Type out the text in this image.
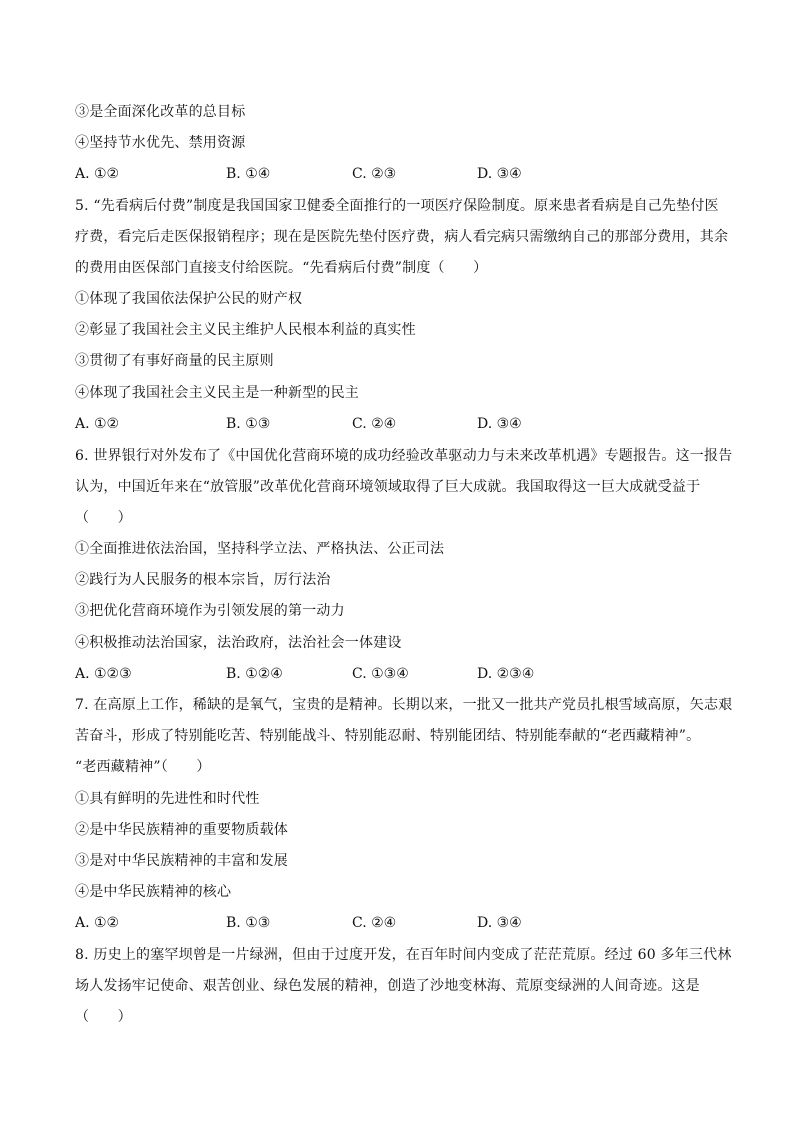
③是全面深化改革的总目标
④坚持节水优先、禁用资源
A. ①②	B. ①④	C. ②③	D. ③④
5. “先看病后付费”制度是我国国家卫健委全面推行的一项医疗保险制度。原来患者看病是自己先垫付医
疗费，看完后走医保报销程序；现在是医院先垫付医疗费，病人看完病只需缴纳自己的那部分费用，其余
的费用由医保部门直接支付给医院。“先看病后付费”制度（　　）
①体现了我国依法保护公民的财产权
②彰显了我国社会主义民主维护人民根本利益的真实性
③贯彻了有事好商量的民主原则
④体现了我国社会主义民主是一种新型的民主
A. ①②	B. ①③	C. ②④	D. ③④
6. 世界银行对外发布了《中国优化营商环境的成功经验改革驱动力与未来改革机遇》专题报告。这一报告
认为，中国近年来在“放管服”改革优化营商环境领域取得了巨大成就。我国取得这一巨大成就受益于
（　　）
①全面推进依法治国，坚持科学立法、严格执法、公正司法
②践行为人民服务的根本宗旨，厉行法治
③把优化营商环境作为引领发展的第一动力
④积极推动法治国家，法治政府，法治社会一体建设
A. ①②③	B. ①②④	C. ①③④	D. ②③④
7. 在高原上工作，稀缺的是氧气，宝贵的是精神。长期以来，一批又一批共产党员扎根雪域高原，矢志艰
苦奋斗，形成了特别能吃苦、特别能战斗、特别能忍耐、特别能团结、特别能奉献的“老西藏精神”。
“老西藏精神”（　　）
①具有鲜明的先进性和时代性
②是中华民族精神的重要物质载体
③是对中华民族精神的丰富和发展
④是中华民族精神的核心
A. ①②	B. ①③	C. ②④	D. ③④
8. 历史上的塞罕坝曾是一片绿洲，但由于过度开发，在百年时间内变成了茫茫荒原。经过 60 多年三代林
场人发扬牢记使命、艰苦创业、绿色发展的精神，创造了沙地变林海、荒原变绿洲的人间奇迹。这是
（　　）
